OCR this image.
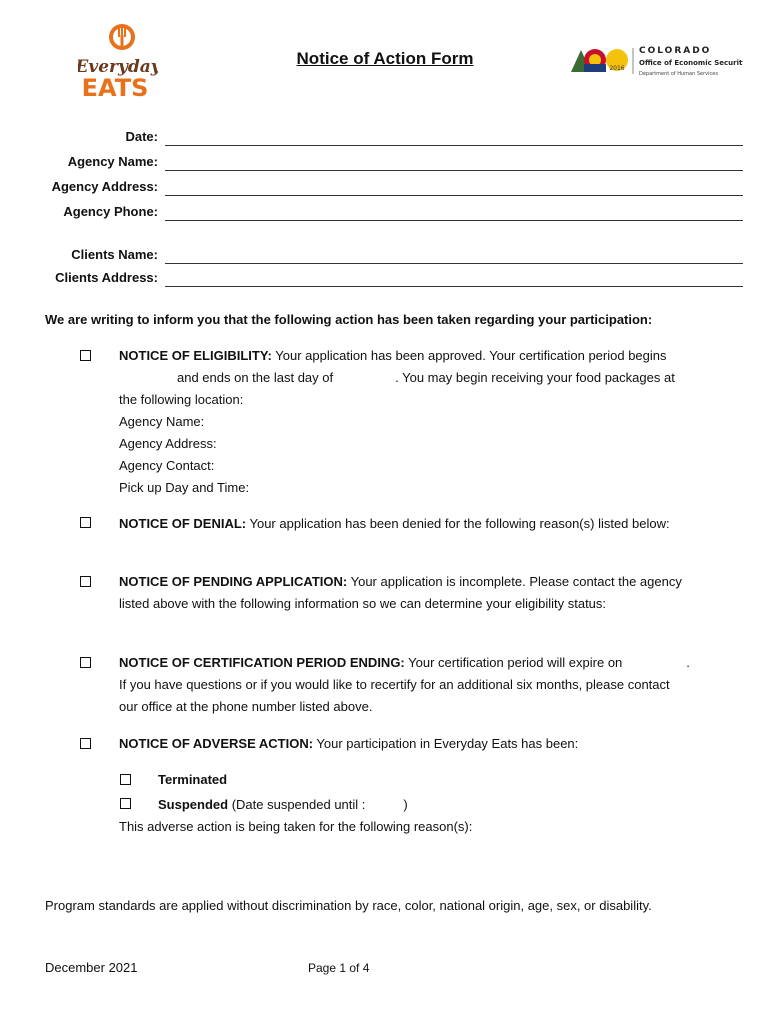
Everyday
EATS
Notice of Action Form
2016
COLORADO
Office of Economic Security
Department of Human Services
Date:
Agency Name:
Agency Address:
Agency Phone:
Clients Name:
Clients Address:
We are writing to inform you that the following action has been taken regarding your participation:
NOTICE OF ELIGIBILITY: Your application has been approved. Your certification period begins
and ends on the last day of	. You may begin receiving your food packages at
the following location:
Agency Name:
Agency Address:
Agency Contact:
Pick up Day and Time:
NOTICE OF DENIAL: Your application has been denied for the following reason(s) listed below:
NOTICE OF PENDING APPLICATION: Your application is incomplete. Please contact the agency
listed above with the following information so we can determine your eligibility status:
NOTICE OF CERTIFICATION PERIOD ENDING: Your certification period will expire on	.
If you have questions or if you would like to recertify for an additional six months, please contact
our office at the phone number listed above.
NOTICE OF ADVERSE ACTION: Your participation in Everyday Eats has been:
Terminated
Suspended (Date suspended until :	)
This adverse action is being taken for the following reason(s):
Program standards are applied without discrimination by race, color, national origin, age, sex, or disability.
December 2021	Page 1 of 4
